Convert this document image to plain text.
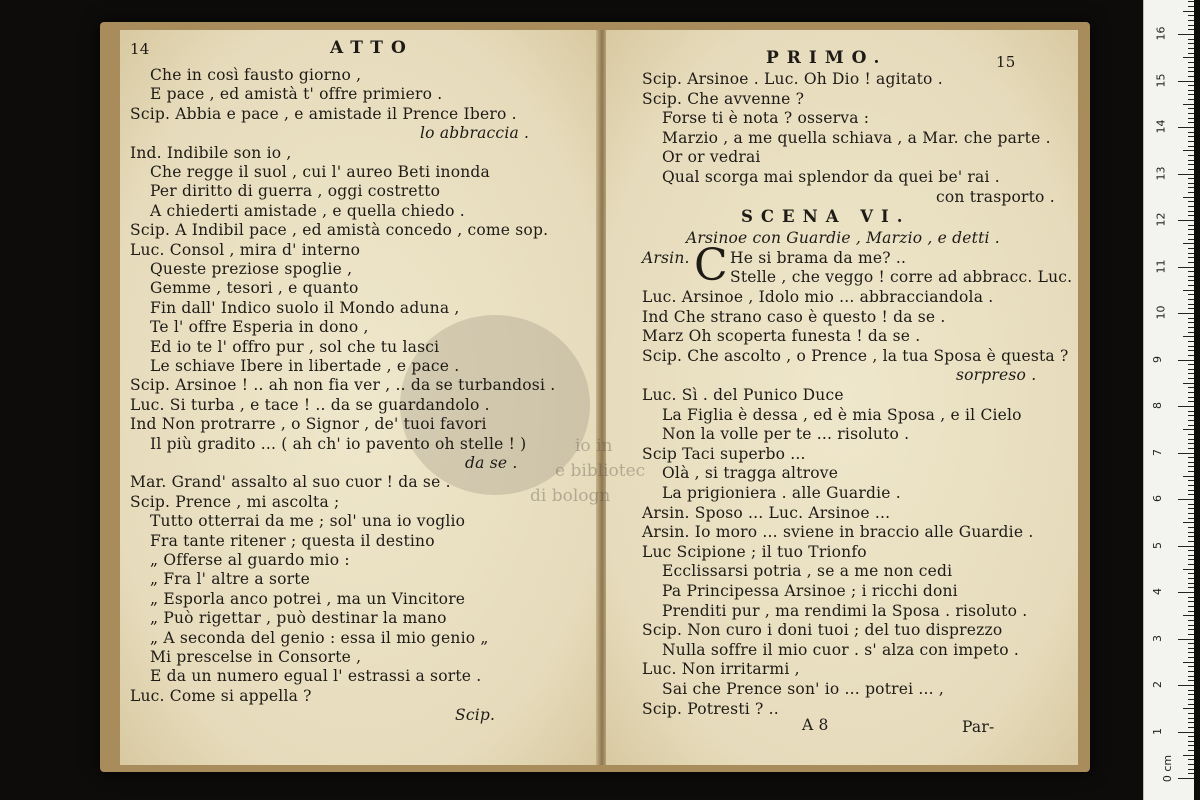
14	ATTO
Che in così fausto giorno ,
E pace , ed amistà t' offre primiero .
Scip. Abbia e pace , e amistade il Prence Ibero .
lo abbraccia .
Ind. Indibile son io ,
Che regge il suol , cui l' aureo Beti inonda
Per diritto di guerra , oggi costretto
A chiederti amistade , e quella chiedo .
Scip. A Indibil pace , ed amistà concedo , come sop.
Luc. Consol , mira d' interno
Queste preziose spoglie ,
Gemme , tesori , e quanto
Fin dall' Indico suolo il Mondo aduna ,
Te l' offre Esperia in dono ,
Ed io te l' offro pur , sol che tu lasci
Le schiave Ibere in libertade , e pace .
Scip. Arsinoe ! .. ah non fia ver , .. da se turbandosi .
Luc. Si turba , e tace ! .. da se guardandolo .
Ind Non protrarre , o Signor , de' tuoi favori
Il più gradito ... ( ah ch' io pavento oh stelle ! )
da se .
Mar. Grand' assalto al suo cuor ! da se .
Scip. Prence , mi ascolta ;
Tutto otterrai da me ; sol' una io voglio
Fra tante ritener ; questa il destino
„ Offerse al guardo mio :
„ Fra l' altre a sorte
„ Esporla anco potrei , ma un Vincitore
„ Può rigettar , può destinar la mano
„ A seconda del genio : essa il mio genio „
Mi prescelse in Consorte ,
E da un numero egual l' estrassi a sorte .
Luc. Come si appella ?
Scip.
PRIMO.	15
Scip. Arsinoe . Luc. Oh Dio ! agitato .
Scip. Che avvenne ?
Forse ti è nota ? osserva :
Marzio , a me quella schiava , a Mar. che parte .
Or or vedrai
Qual scorga mai splendor da quei be' rai .
con trasporto .
SCENA VI.
Arsinoe con Guardie , Marzio , e detti .
Arsin. C He si brama da me? ..
Stelle , che veggo ! corre ad abbracc. Luc.
Luc. Arsinoe , Idolo mio ... abbracciandola .
Ind Che strano caso è questo ! da se .
Marz Oh scoperta funesta ! da se .
Scip. Che ascolto , o Prence , la tua Sposa è questa ?
sorpreso .
Luc. Sì . del Punico Duce
La Figlia è dessa , ed è mia Sposa , e il Cielo
Non la volle per te ... risoluto .
Scip Taci superbo ...
Olà , si tragga altrove
La prigioniera . alle Guardie .
Arsin. Sposo ... Luc. Arsinoe ...
Arsin. Io moro ... sviene in braccio alle Guardie .
Luc Scipione ; il tuo Trionfo
Ecclissarsi potria , se a me non cedi
Pa Principessa Arsinoe ; i ricchi doni
Prenditi pur , ma rendimi la Sposa . risoluto .
Scip. Non curo i doni tuoi ; del tuo disprezzo
Nulla soffre il mio cuor . s' alza con impeto .
Luc. Non irritarmi ,
Sai che Prence son' io ... potrei ... ,
Scip. Potresti ? ..
A 8	Par-
io in
e bibliotec
di bologn
0 cm
1
2
3
4
5
6
7
8
9
10
11
12
13
14
15
16
